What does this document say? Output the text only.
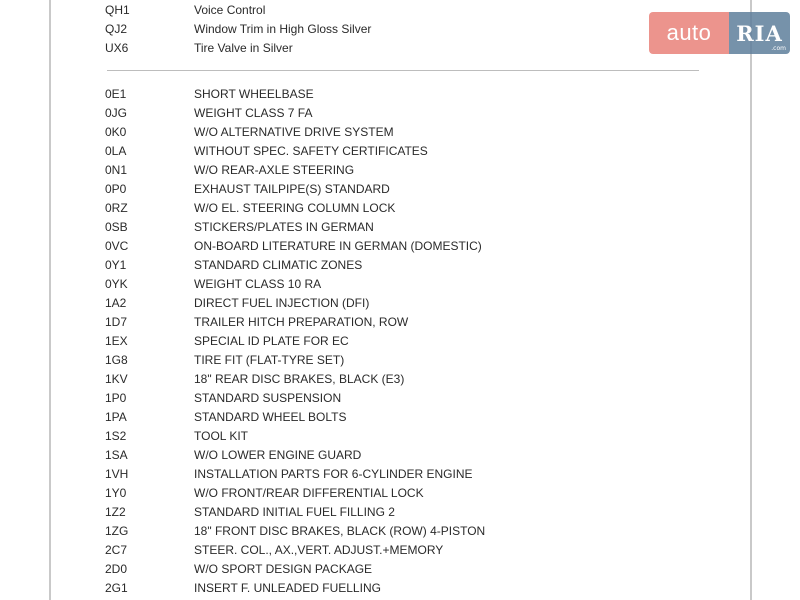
QH1	Voice Control
QJ2	Window Trim in High Gloss Silver
UX6	Tire Valve in Silver
0E1	SHORT WHEELBASE
0JG	WEIGHT CLASS 7 FA
0K0	W/O ALTERNATIVE DRIVE SYSTEM
0LA	WITHOUT SPEC. SAFETY CERTIFICATES
0N1	W/O REAR-AXLE STEERING
0P0	EXHAUST TAILPIPE(S) STANDARD
0RZ	W/O EL. STEERING COLUMN LOCK
0SB	STICKERS/PLATES IN GERMAN
0VC	ON-BOARD LITERATURE IN GERMAN (DOMESTIC)
0Y1	STANDARD CLIMATIC ZONES
0YK	WEIGHT CLASS 10 RA
1A2	DIRECT FUEL INJECTION (DFI)
1D7	TRAILER HITCH PREPARATION, ROW
1EX	SPECIAL ID PLATE FOR EC
1G8	TIRE FIT (FLAT-TYRE SET)
1KV	18" REAR DISC BRAKES, BLACK (E3)
1P0	STANDARD SUSPENSION
1PA	STANDARD WHEEL BOLTS
1S2	TOOL KIT
1SA	W/O LOWER ENGINE GUARD
1VH	INSTALLATION PARTS FOR 6-CYLINDER ENGINE
1Y0	W/O FRONT/REAR DIFFERENTIAL LOCK
1Z2	STANDARD INITIAL FUEL FILLING 2
1ZG	18" FRONT DISC BRAKES, BLACK (ROW) 4-PISTON
2C7	STEER. COL., AX.,VERT. ADJUST.+MEMORY
2D0	W/O SPORT DESIGN PACKAGE
2G1	INSERT F. UNLEADED FUELLING
auto	RIA
.com
